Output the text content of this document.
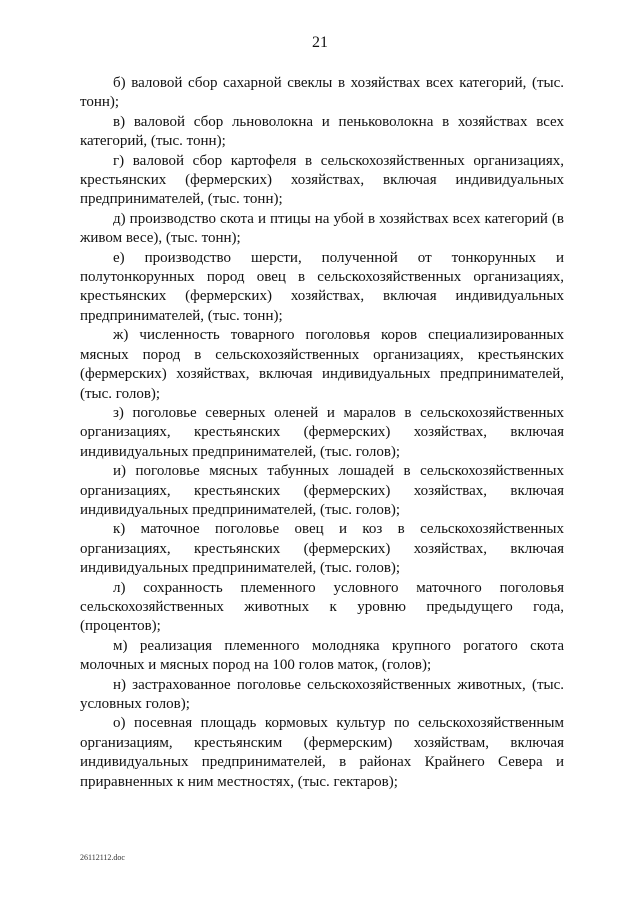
21

б) валовой сбор сахарной свеклы в хозяйствах всех категорий, (тыс. тонн);

в) валовой сбор льноволокна и пеньковолокна в хозяйствах всех категорий, (тыс. тонн);

г) валовой сбор картофеля в сельскохозяйственных организациях, крестьянских (фермерских) хозяйствах, включая индивидуальных предпринимателей, (тыс. тонн);

д) производство скота и птицы на убой в хозяйствах всех категорий (в живом весе), (тыс. тонн);

е) производство шерсти, полученной от тонкорунных и полутонкорунных пород овец в сельскохозяйственных организациях, крестьянских (фермерских) хозяйствах, включая индивидуальных предпринимателей, (тыс. тонн);

ж) численность товарного поголовья коров специализированных мясных пород в сельскохозяйственных организациях, крестьянских (фермерских) хозяйствах, включая индивидуальных предпринимателей, (тыс. голов);

з) поголовье северных оленей и маралов в сельскохозяйственных организациях, крестьянских (фермерских) хозяйствах, включая индивидуальных предпринимателей, (тыс. голов);

и) поголовье мясных табунных лошадей в сельскохозяйственных организациях, крестьянских (фермерских) хозяйствах, включая индивидуальных предпринимателей, (тыс. голов);

к) маточное поголовье овец и коз в сельскохозяйственных организациях, крестьянских (фермерских) хозяйствах, включая индивидуальных предпринимателей, (тыс. голов);

л) сохранность племенного условного маточного поголовья сельскохозяйственных животных к уровню предыдущего года, (процентов);

м) реализация племенного молодняка крупного рогатого скота молочных и мясных пород на 100 голов маток, (голов);

н) застрахованное поголовье сельскохозяйственных животных, (тыс. условных голов);

о) посевная площадь кормовых культур по сельскохозяйственным организациям, крестьянским (фермерским) хозяйствам, включая индивидуальных предпринимателей, в районах Крайнего Севера и приравненных к ним местностях, (тыс. гектаров);

26112112.doc
